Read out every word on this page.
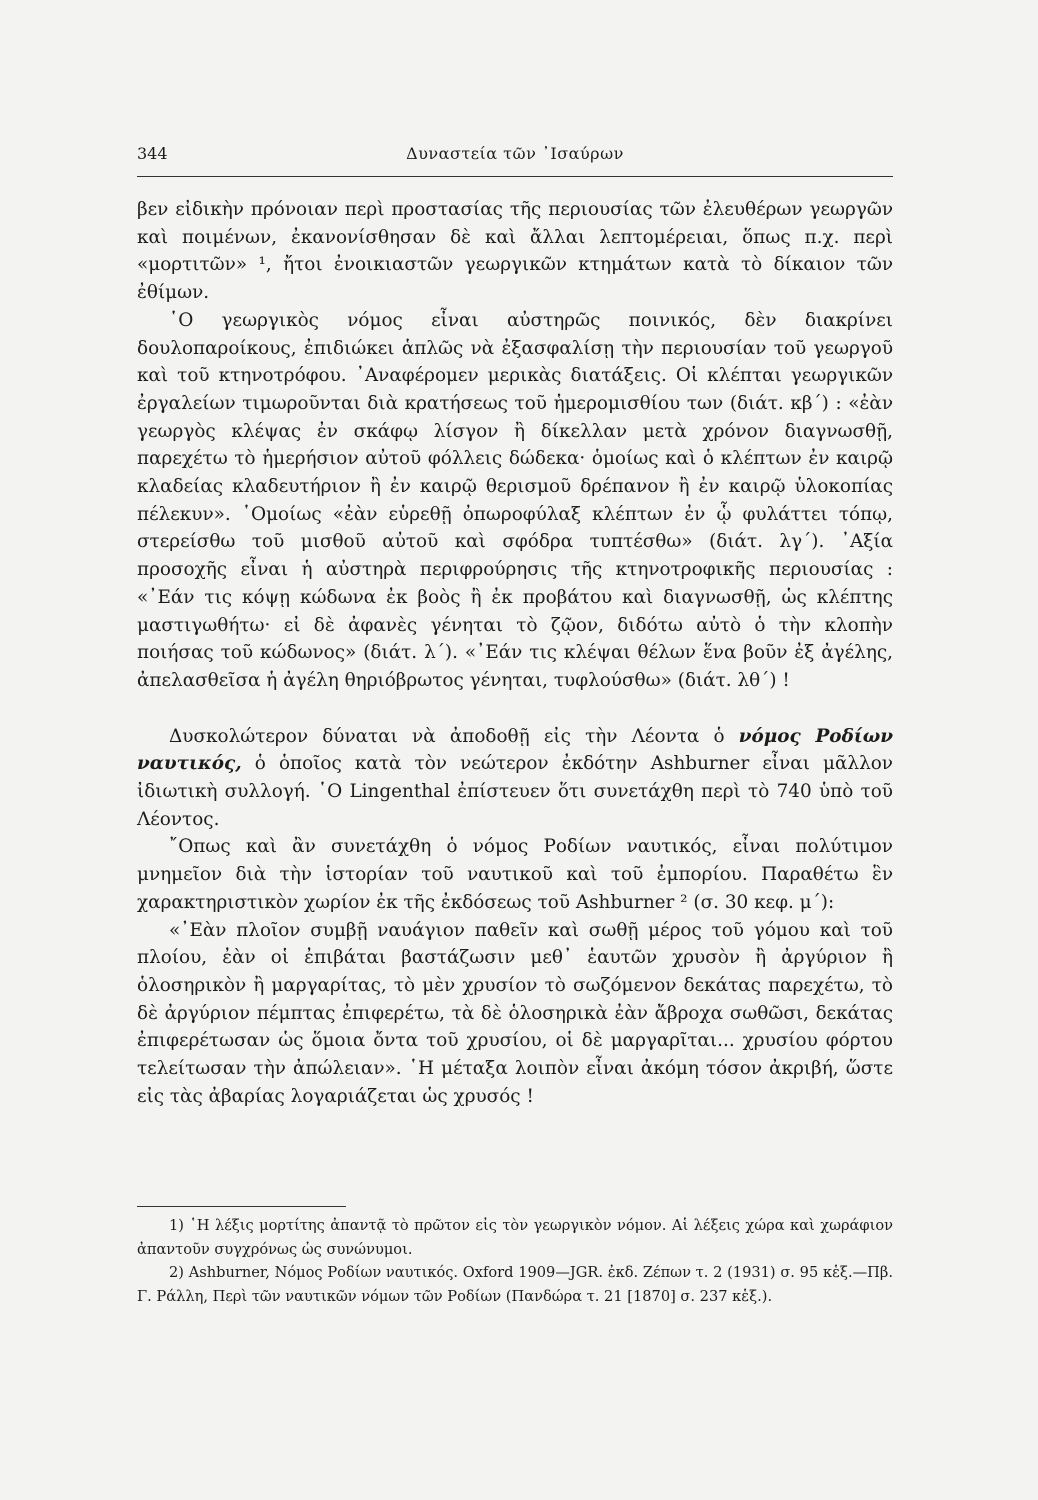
344	Δυναστεία τῶν ᾿Ισαύρων

βεν εἰδικὴν πρόνοιαν περὶ προστασίας τῆς περιουσίας τῶν ἐλευθέρων γεωργῶν καὶ ποιμένων, ἐκανονίσθησαν δὲ καὶ ἄλλαι λεπτομέρειαι, ὅπως π.χ. περὶ «μορτιτῶν» ¹, ἤτοι ἐνοικιαστῶν γεωργικῶν κτημάτων κατὰ τὸ δίκαιον τῶν ἐθίμων.

῾Ο γεωργικὸς νόμος εἶναι αὐστηρῶς ποινικός, δὲν διακρίνει δουλοπαροίκους, ἐπιδιώκει ἁπλῶς νὰ ἐξασφαλίσῃ τὴν περιουσίαν τοῦ γεωργοῦ καὶ τοῦ κτηνοτρόφου. ᾿Αναφέρομεν μερικὰς διατάξεις. Οἱ κλέπται γεωργικῶν ἐργαλείων τιμωροῦνται διὰ κρατήσεως τοῦ ἡμερομισθίου των (διάτ. κβ΄) : «ἐὰν γεωργὸς κλέψας ἐν σκάφῳ λίσγον ἢ δίκελλαν μετὰ χρόνον διαγνωσθῇ, παρεχέτω τὸ ἡμερήσιον αὐτοῦ φόλλεις δώδεκα· ὁμοίως καὶ ὁ κλέπτων ἐν καιρῷ κλαδείας κλαδευτήριον ἢ ἐν καιρῷ θερισμοῦ δρέπανον ἢ ἐν καιρῷ ὑλοκοπίας πέλεκυν». ῾Ομοίως «ἐὰν εὑρεθῇ ὀπωροφύλαξ κλέπτων ἐν ᾧ φυλάττει τόπῳ, στερείσθω τοῦ μισθοῦ αὐτοῦ καὶ σφόδρα τυπτέσθω» (διάτ. λγ΄). ᾿Αξία προσοχῆς εἶναι ἡ αὐστηρὰ περιφρούρησις τῆς κτηνοτροφικῆς περιουσίας : «᾿Εάν τις κόψῃ κώδωνα ἐκ βοὸς ἢ ἐκ προβάτου καὶ διαγνωσθῇ, ὡς κλέπτης μαστιγωθήτω· εἰ δὲ ἀφανὲς γένηται τὸ ζῷον, διδότω αὐτὸ ὁ τὴν κλοπὴν ποιήσας τοῦ κώδωνος» (διάτ. λ΄). «᾿Εάν τις κλέψαι θέλων ἕνα βοῦν ἐξ ἀγέλης, ἀπελασθεῖσα ἡ ἀγέλη θηριόβρωτος γένηται, τυφλούσθω» (διάτ. λθ΄) !

Δυσκολώτερον δύναται νὰ ἀποδοθῇ εἰς τὴν Λέοντα ὁ νόμος Ροδίων ναυτικός, ὁ ὁποῖος κατὰ τὸν νεώτερον ἐκδότην Ashburner εἶναι μᾶλλον ἰδιωτικὴ συλλογή. ῾Ο Lingenthal ἐπίστευεν ὅτι συνετάχθη περὶ τὸ 740 ὑπὸ τοῦ Λέοντος.

῎Οπως καὶ ἂν συνετάχθη ὁ νόμος Ροδίων ναυτικός, εἶναι πολύτιμον μνημεῖον διὰ τὴν ἱστορίαν τοῦ ναυτικοῦ καὶ τοῦ ἐμπορίου. Παραθέτω ἓν χαρακτηριστικὸν χωρίον ἐκ τῆς ἐκδόσεως τοῦ Ashburner ² (σ. 30 κεφ. μ΄):

«᾿Εὰν πλοῖον συμβῇ ναυάγιον παθεῖν καὶ σωθῇ μέρος τοῦ γόμου καὶ τοῦ πλοίου, ἐὰν οἱ ἐπιβάται βαστάζωσιν μεθ᾿ ἑαυτῶν χρυσὸν ἢ ἀργύριον ἢ ὁλοσηρικὸν ἢ μαργαρίτας, τὸ μὲν χρυσίον τὸ σωζόμενον δεκάτας παρεχέτω, τὸ δὲ ἀργύριον πέμπτας ἐπιφερέτω, τὰ δὲ ὁλοσηρικὰ ἐὰν ἄβροχα σωθῶσι, δεκάτας ἐπιφερέτωσαν ὡς ὅμοια ὄντα τοῦ χρυσίου, οἱ δὲ μαργαρῖται... χρυσίου φόρτου τελείτωσαν τὴν ἀπώλειαν». ῾Η μέταξα λοιπὸν εἶναι ἀκόμη τόσον ἀκριβή, ὥστε εἰς τὰς ἀβαρίας λογαριάζεται ὡς χρυσός !

1) ῾Η λέξις μορτίτης ἀπαντᾷ τὸ πρῶτον εἰς τὸν γεωργικὸν νόμον. Αἱ λέξεις χώρα καὶ χωράφιον ἀπαντοῦν συγχρόνως ὡς συνώνυμοι.

2) Ashburner, Νόμος Ροδίων ναυτικός. Oxford 1909—JGR. ἐκδ. Ζέπων τ. 2 (1931) σ. 95 κἑξ.—Πβ. Γ. Ράλλη, Περὶ τῶν ναυτικῶν νόμων τῶν Ροδίων (Πανδώρα τ. 21 [1870] σ. 237 κἑξ.).
